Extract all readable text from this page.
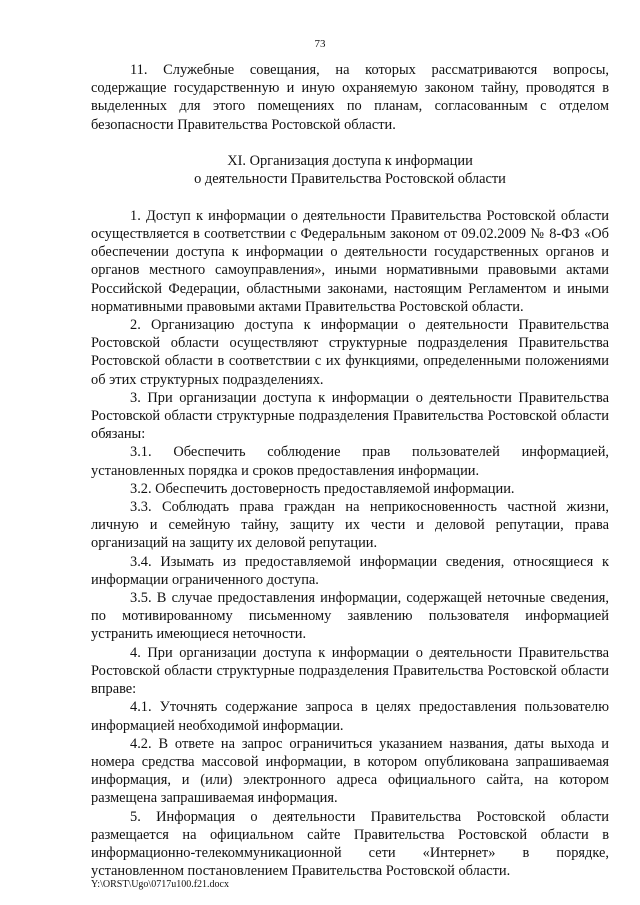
73

11. Служебные совещания, на которых рассматриваются вопросы, содержащие государственную и иную охраняемую законом тайну, проводятся в выделенных для этого помещениях по планам, согласованным с отделом безопасности Правительства Ростовской области.

XI. Организация доступа к информации
о деятельности Правительства Ростовской области

1. Доступ к информации о деятельности Правительства Ростовской области осуществляется в соответствии с Федеральным законом от 09.02.2009 № 8-ФЗ «Об обеспечении доступа к информации о деятельности государственных органов и органов местного самоуправления», иными нормативными правовыми актами Российской Федерации, областными законами, настоящим Регламентом и иными нормативными правовыми актами Правительства Ростовской области.

2. Организацию доступа к информации о деятельности Правительства Ростовской области осуществляют структурные подразделения Правительства Ростовской области в соответствии с их функциями, определенными положениями об этих структурных подразделениях.

3. При организации доступа к информации о деятельности Правительства Ростовской области структурные подразделения Правительства Ростовской области обязаны:

3.1. Обеспечить соблюдение прав пользователей информацией, установленных порядка и сроков предоставления информации.

3.2. Обеспечить достоверность предоставляемой информации.

3.3. Соблюдать права граждан на неприкосновенность частной жизни, личную и семейную тайну, защиту их чести и деловой репутации, права организаций на защиту их деловой репутации.

3.4. Изымать из предоставляемой информации сведения, относящиеся к информации ограниченного доступа.

3.5. В случае предоставления информации, содержащей неточные сведения, по мотивированному письменному заявлению пользователя информацией устранить имеющиеся неточности.

4. При организации доступа к информации о деятельности Правительства Ростовской области структурные подразделения Правительства Ростовской области вправе:

4.1. Уточнять содержание запроса в целях предоставления пользователю информацией необходимой информации.

4.2. В ответе на запрос ограничиться указанием названия, даты выхода и номера средства массовой информации, в котором опубликована запрашиваемая информация, и (или) электронного адреса официального сайта, на котором размещена запрашиваемая информация.

5. Информация о деятельности Правительства Ростовской области размещается на официальном сайте Правительства Ростовской области в информационно-телекоммуникационной сети «Интернет» в порядке, установленном постановлением Правительства Ростовской области.

Y:\ORST\Ugo\0717u100.f21.docx
